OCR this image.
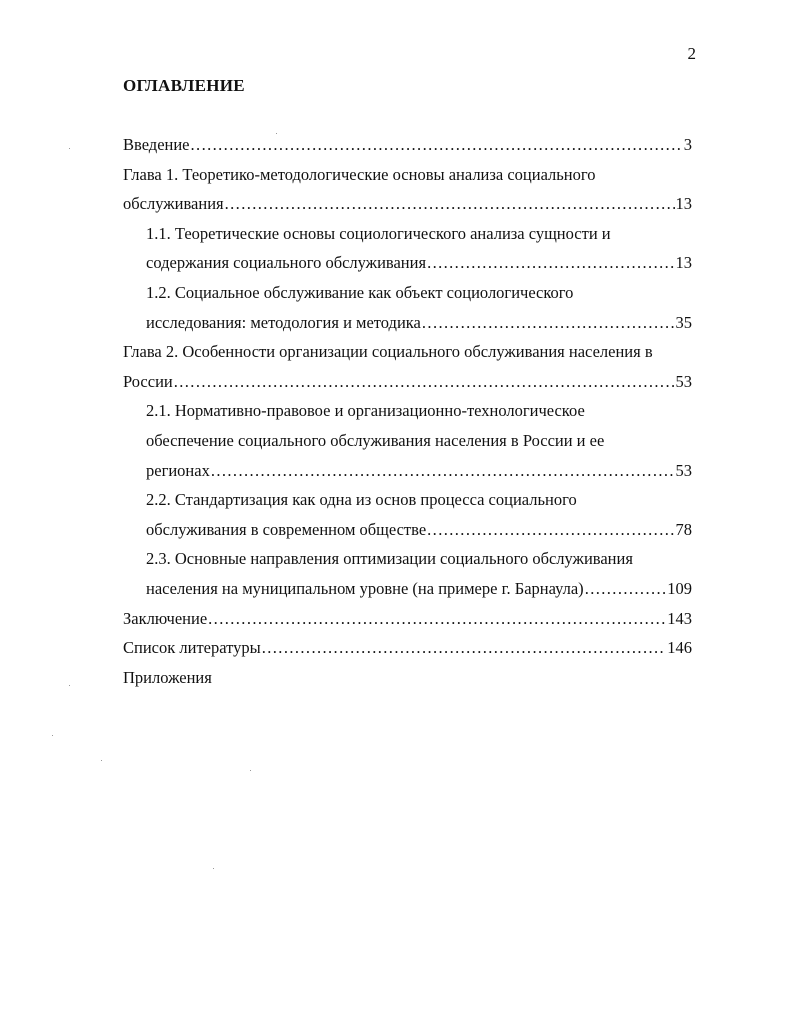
2
ОГЛАВЛЕНИЕ
Введение .....	3
Глава 1. Теоретико-методологические основы анализа социального
обслуживания .....	13
1.1. Теоретические основы социологического анализа сущности и
содержания социального обслуживания .....	13
1.2. Социальное обслуживание как объект социологического
исследования: методология и методика .....	35
Глава 2. Особенности организации социального обслуживания населения в
России .....	53
2.1. Нормативно-правовое и организационно-технологическое
обеспечение социального обслуживания населения в России и ее
регионах .....	53
2.2. Стандартизация как одна из основ процесса социального
обслуживания в современном обществе .....	78
2.3. Основные направления оптимизации социального обслуживания
населения на муниципальном уровне (на примере г. Барнаула) .....	109
Заключение .....	143
Список литературы .....	146
Приложения
